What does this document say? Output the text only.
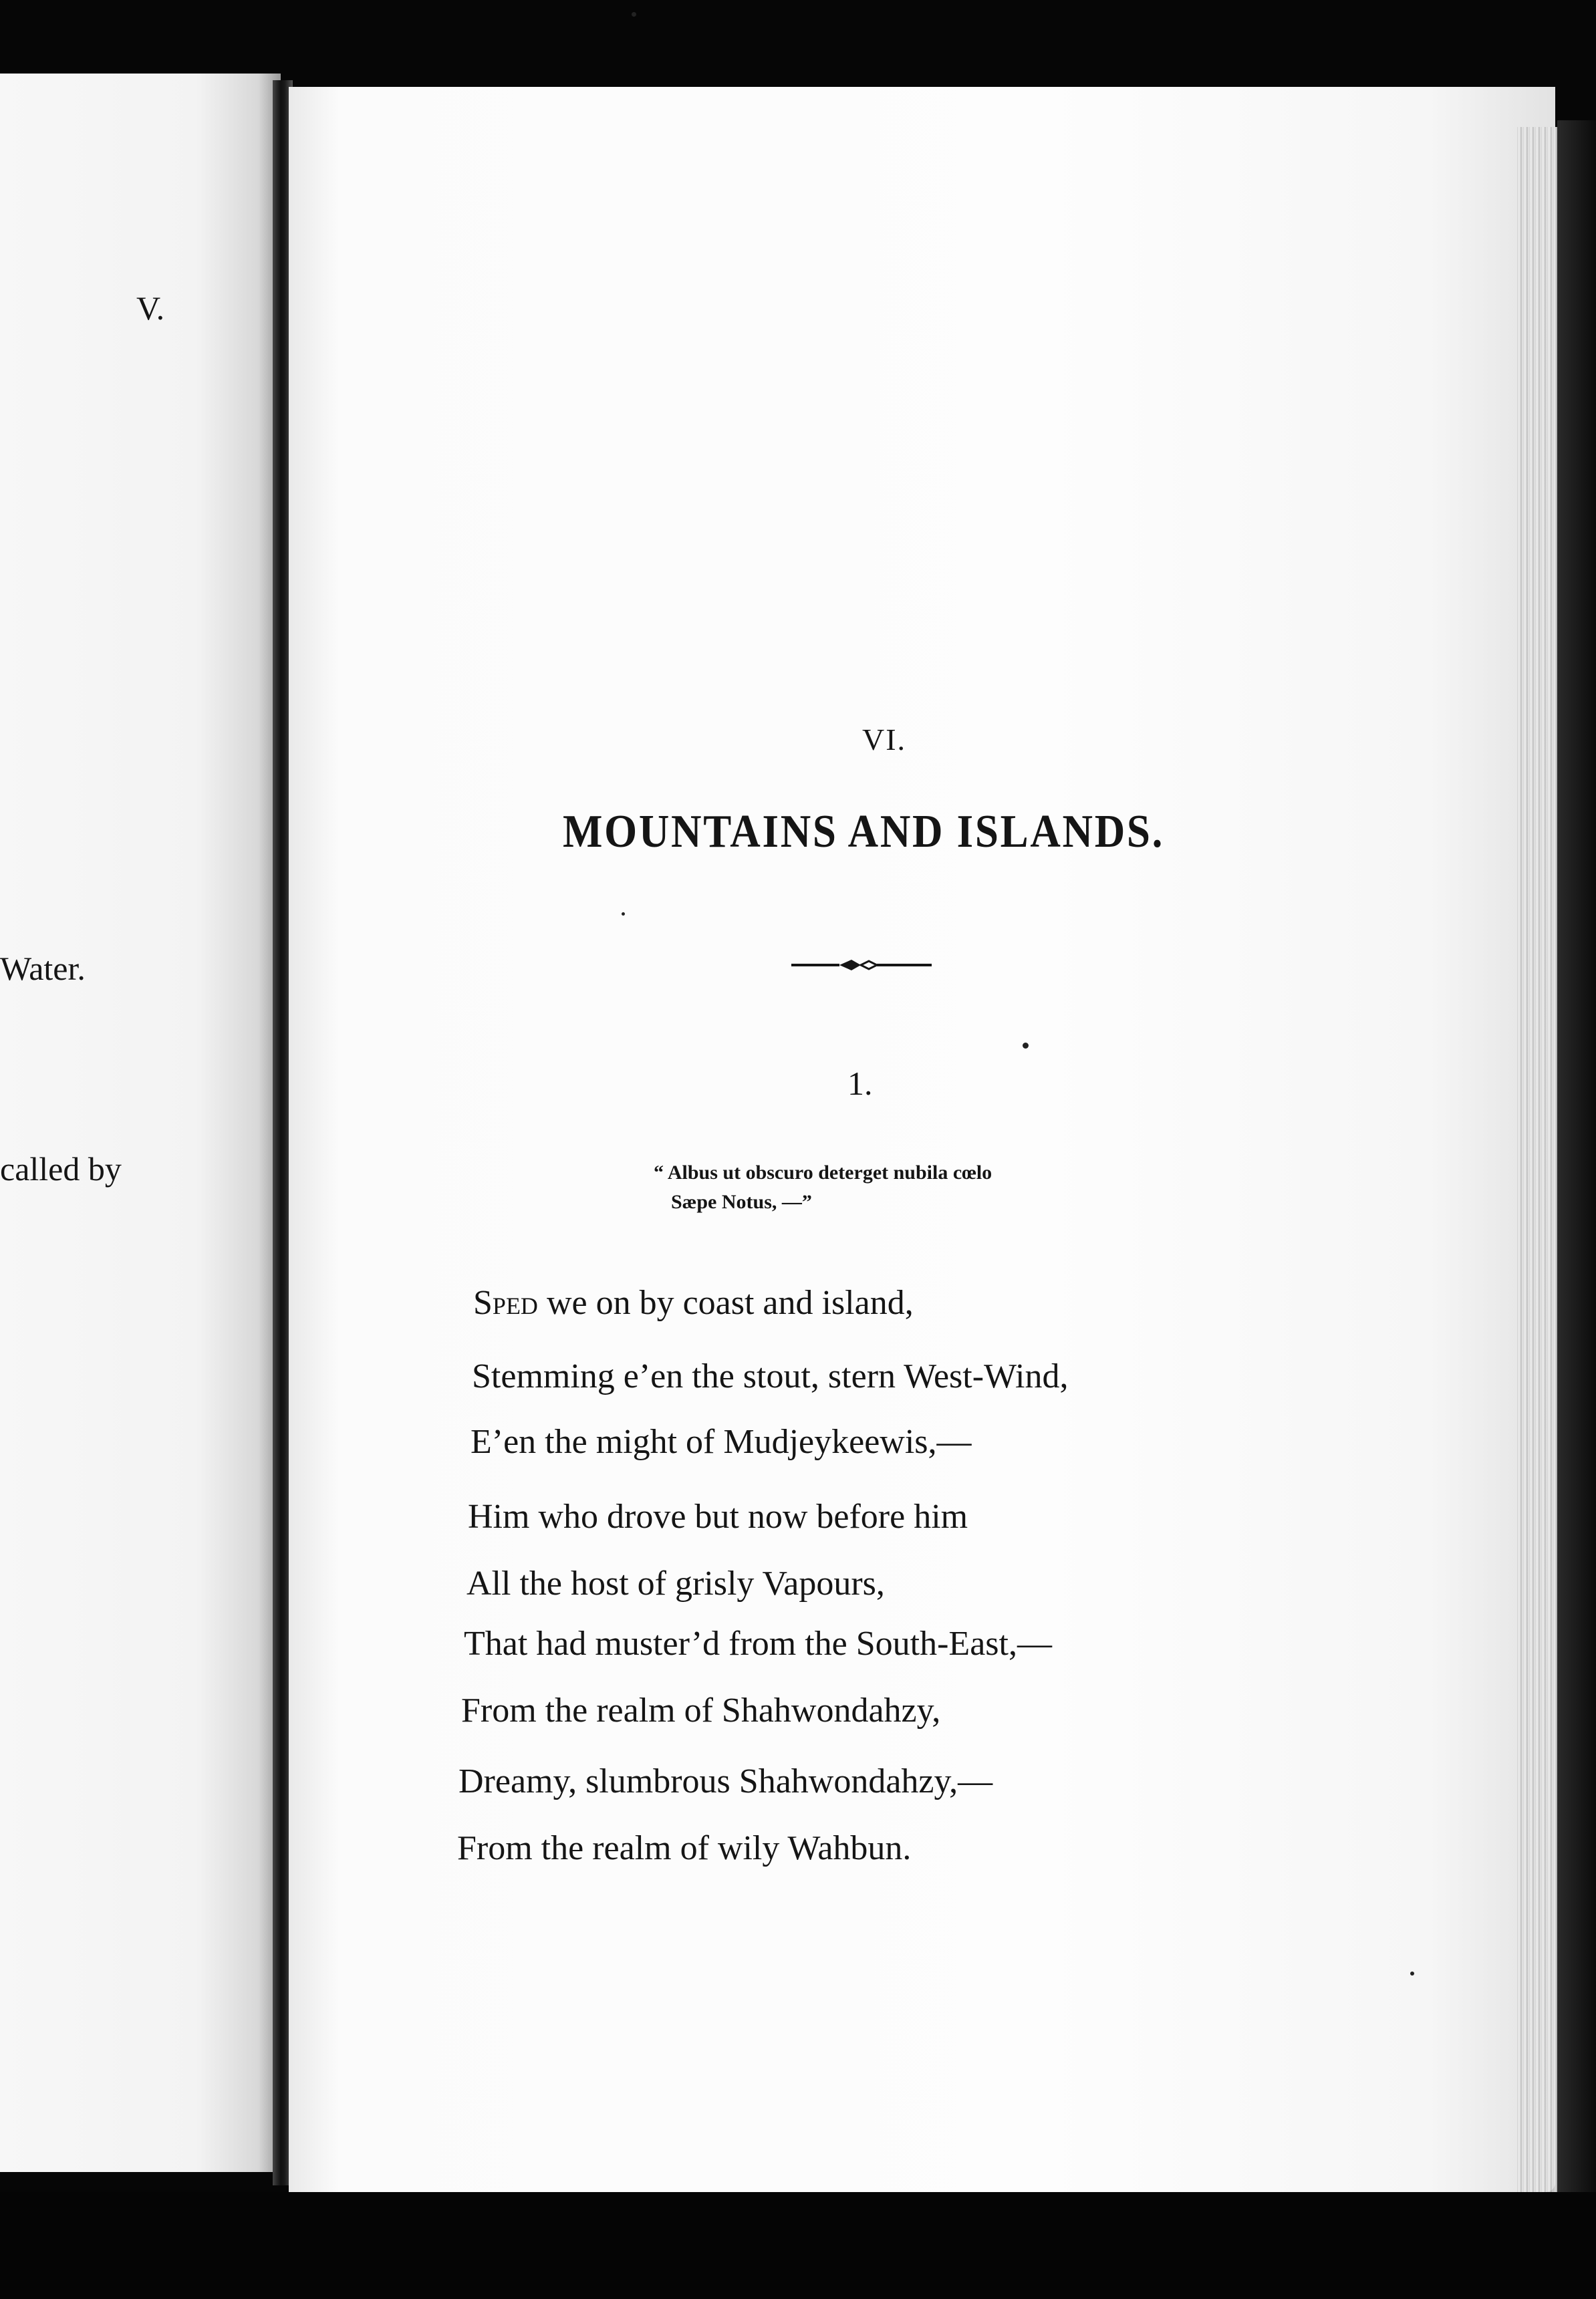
V.

Water.

called by

VI.

MOUNTAINS AND ISLANDS.

1.

“ Albus ut obscuro deterget nubila cœlo

Sæpe Notus, —”

Sped we on by coast and island,

Stemming e’en the stout, stern West-Wind,

E’en the might of Mudjeykeewis,—

Him who drove but now before him

All the host of grisly Vapours,

That had muster’d from the South-East,—

From the realm of Shahwondahzy,

Dreamy, slumbrous Shahwondahzy,—

From the realm of wily Wahbun.
